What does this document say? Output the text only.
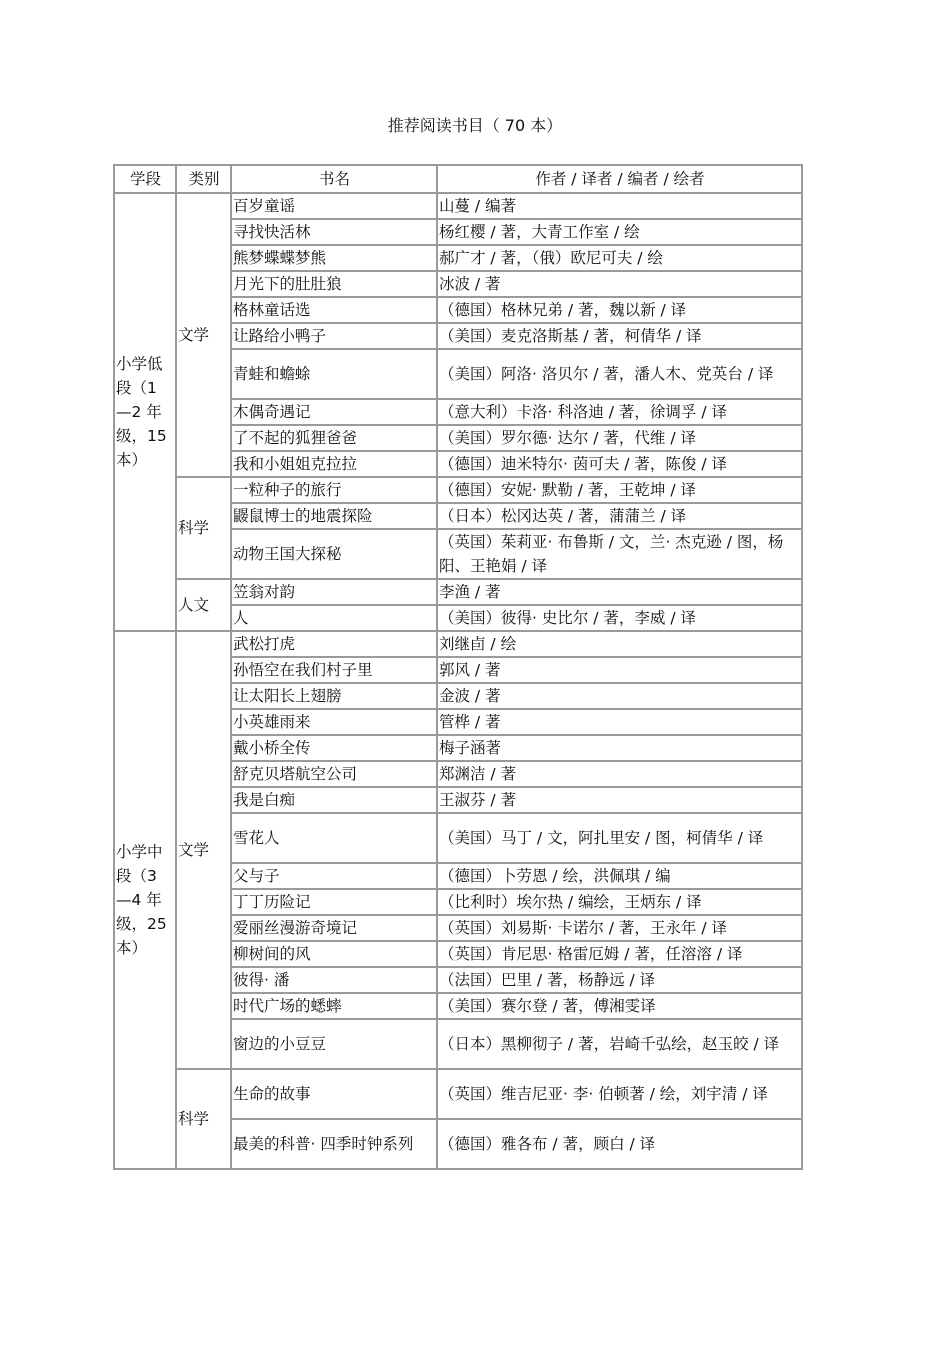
推荐阅读书目（ 70 本）
学段	类别	书名	作者 / 译者 / 编者 / 绘者
小学低段（1 —2 年级，15 本）	文学	百岁童谣	山蔓 / 编著
		寻找快活林	杨红樱 / 著，大青工作室 / 绘
		熊梦蝶蝶梦熊	郝广才 / 著，（俄）欧尼可夫 / 绘
		月光下的肚肚狼	冰波 / 著
		格林童话选	（德国）格林兄弟 / 著，魏以新 / 译
		让路给小鸭子	（美国）麦克洛斯基 / 著，柯倩华 / 译
		青蛙和蟾蜍	（美国）阿洛· 洛贝尔 / 著，潘人木、党英台 / 译
		木偶奇遇记	（意大利）卡洛· 科洛迪 / 著，徐调孚 / 译
		了不起的狐狸爸爸	（美国）罗尔德· 达尔 / 著，代维 / 译
		我和小姐姐克拉拉	（德国）迪米特尔· 茵可夫 / 著，陈俊 / 译
	科学	一粒种子的旅行	（德国）安妮· 默勒 / 著，王乾坤 / 译
		鼹鼠博士的地震探险	（日本）松冈达英 / 著，蒲蒲兰 / 译
		动物王国大探秘	（英国）茱莉亚· 布鲁斯 / 文，兰· 杰克逊 / 图，杨阳、王艳娟 / 译
	人文	笠翁对韵	李渔 / 著
		人	（美国）彼得· 史比尔 / 著，李威 / 译
小学中段（3 —4 年级，25 本）	文学	武松打虎	刘继卣 / 绘
		孙悟空在我们村子里	郭风 / 著
		让太阳长上翅膀	金波 / 著
		小英雄雨来	管桦 / 著
		戴小桥全传	梅子涵著
		舒克贝塔航空公司	郑渊洁 / 著
		我是白痴	王淑芬 / 著
		雪花人	（美国）马丁 / 文，阿扎里安 / 图，柯倩华 / 译
		父与子	（德国）卜劳恩 / 绘，洪佩琪 / 编
		丁丁历险记	（比利时）埃尔热 / 编绘，王炳东 / 译
		爱丽丝漫游奇境记	（英国）刘易斯· 卡诺尔 / 著，王永年 / 译
		柳树间的风	（英国）肯尼思· 格雷厄姆 / 著，任溶溶 / 译
		彼得· 潘	（法国）巴里 / 著，杨静远 / 译
		时代广场的蟋蟀	（美国）赛尔登 / 著，傅湘雯译
		窗边的小豆豆	（日本）黑柳彻子 / 著，岩崎千弘绘，赵玉皎 / 译
	科学	生命的故事	（英国）维吉尼亚· 李· 伯顿著 / 绘，刘宇清 / 译
		最美的科普· 四季时钟系列	（德国）雅各布 / 著，顾白 / 译
